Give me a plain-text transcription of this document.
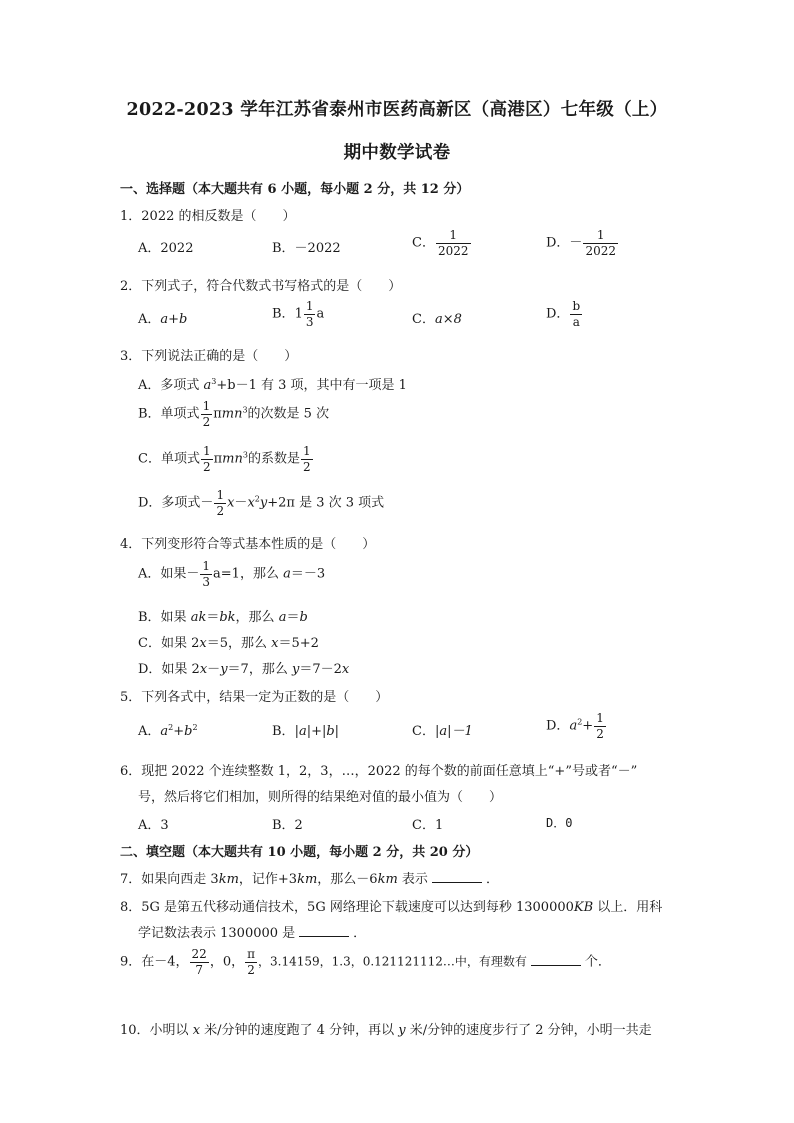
2022-2023 学年江苏省泰州市医药高新区（高港区）七年级（上）
期中数学试卷
一、选择题（本大题共有 6 小题，每小题 2 分，共 12 分）
1．2022 的相反数是（　　）
A．2022	B．－2022	C． $\frac{1}{2022}$	D．－ $\frac{1}{2022}$
2．下列式子，符合代数式书写格式的是（　　）
A．a+b	B．$1 \frac{1}{3}$ a	C．a×8	D． $\frac{b}{a}$
3．下列说法正确的是（　　）
A．多项式 $a^3+b-1$ 有 3 项，其中有一项是 1
B．单项式 $\frac{1}{2} \pi mn^3$的次数是 5 次
C．单项式 $\frac{1}{2} \pi mn^3$的系数是 $\frac{1}{2}$
D．多项式－ $\frac{1}{2} x-x^2y+2\pi$ 是 3 次 3 项式
4．下列变形符合等式基本性质的是（　　）
A．如果－ $\frac{1}{3} a=1$，那么 a＝－3
B．如果 ak＝bk，那么 a＝b
C．如果 2x＝5，那么 x＝5+2
D．如果 2x－y＝7，那么 y＝7－2x
5．下列各式中，结果一定为正数的是（　　）
A．$a^2+b^2$	B．|a|+|b|	C．|a|－1	D．$a^2+ \frac{1}{2}$
6．现把 2022 个连续整数 1，2，3，…，2022 的每个数的前面任意填上“+”号或者“－”
号，然后将它们相加，则所得的结果绝对值的最小值为（　　）
A．3	B．2	C．1	D．0
二、填空题（本大题共有 10 小题，每小题 2 分，共 20 分）
7．如果向西走 3km，记作+3km，那么－6km 表示	．
8．5G 是第五代移动通信技术，5G 网络理论下载速度可以达到每秒 1300000KB 以上．用科
学记数法表示 1300000 是	．
9．在－4， $\frac{22}{7}$ ，0， $\frac{\pi}{2}$ ，3.14159，1.3，0.121121112…中，有理数有	个．
10．小明以 x 米/分钟的速度跑了 4 分钟，再以 y 米/分钟的速度步行了 2 分钟，小明一共走
